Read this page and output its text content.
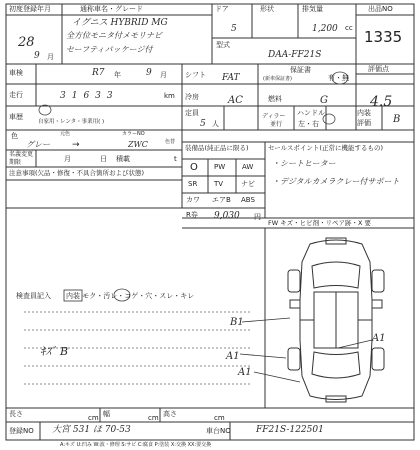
初度登録年月
28
9 月
通称車名・グレード
イグニス HYBRID MG
全方位モニタ付メモリナビ
セーフティパッケージ付
ドア
5
形状	排気量
1,200 cc
型式
DAA-FF21S
出品NO
1335
車検	R7 年	9 月	シフト FAT
保証書
(新車保証書)	有・無
評価点
4.5
走行	31633	km 冷房	AC	燃料	G
車歴
自家用・レンタ・事業用( )
定員
5 人
ディラー
並行
ハンドル
左・右
内装
評価 B
色	元色	カラーNO
グレー →	ZWC	色替
名義変更
期限	月	日 積載	t
注意事項(欠品・修復・不具合箇所および状態)
装備品(純正品に限る)
O PW AW
SR TV	ナビ
カワ エアB ABS
R券 9,030 円
セールスポイント(正常に機能するもの)
・シートヒーター
・デジタルカメラクレー付サポート
FW キズ・ヒビ剤・リペア跡・X 要
検査員記入 内装 モク・汚レ・コゲ・穴・スレ・キレ
ｷｽﾞ B	A1
A1
A1
B1
長さ	cm 幅	cm 高さ	cm
登録NO 大宮 531 ほ 70-53	車台NO	FF21S-122501
A:キズ U:凹み W:波・修理 S:サビ C:腐食 P:塗装 X:交換 XX:要交換
